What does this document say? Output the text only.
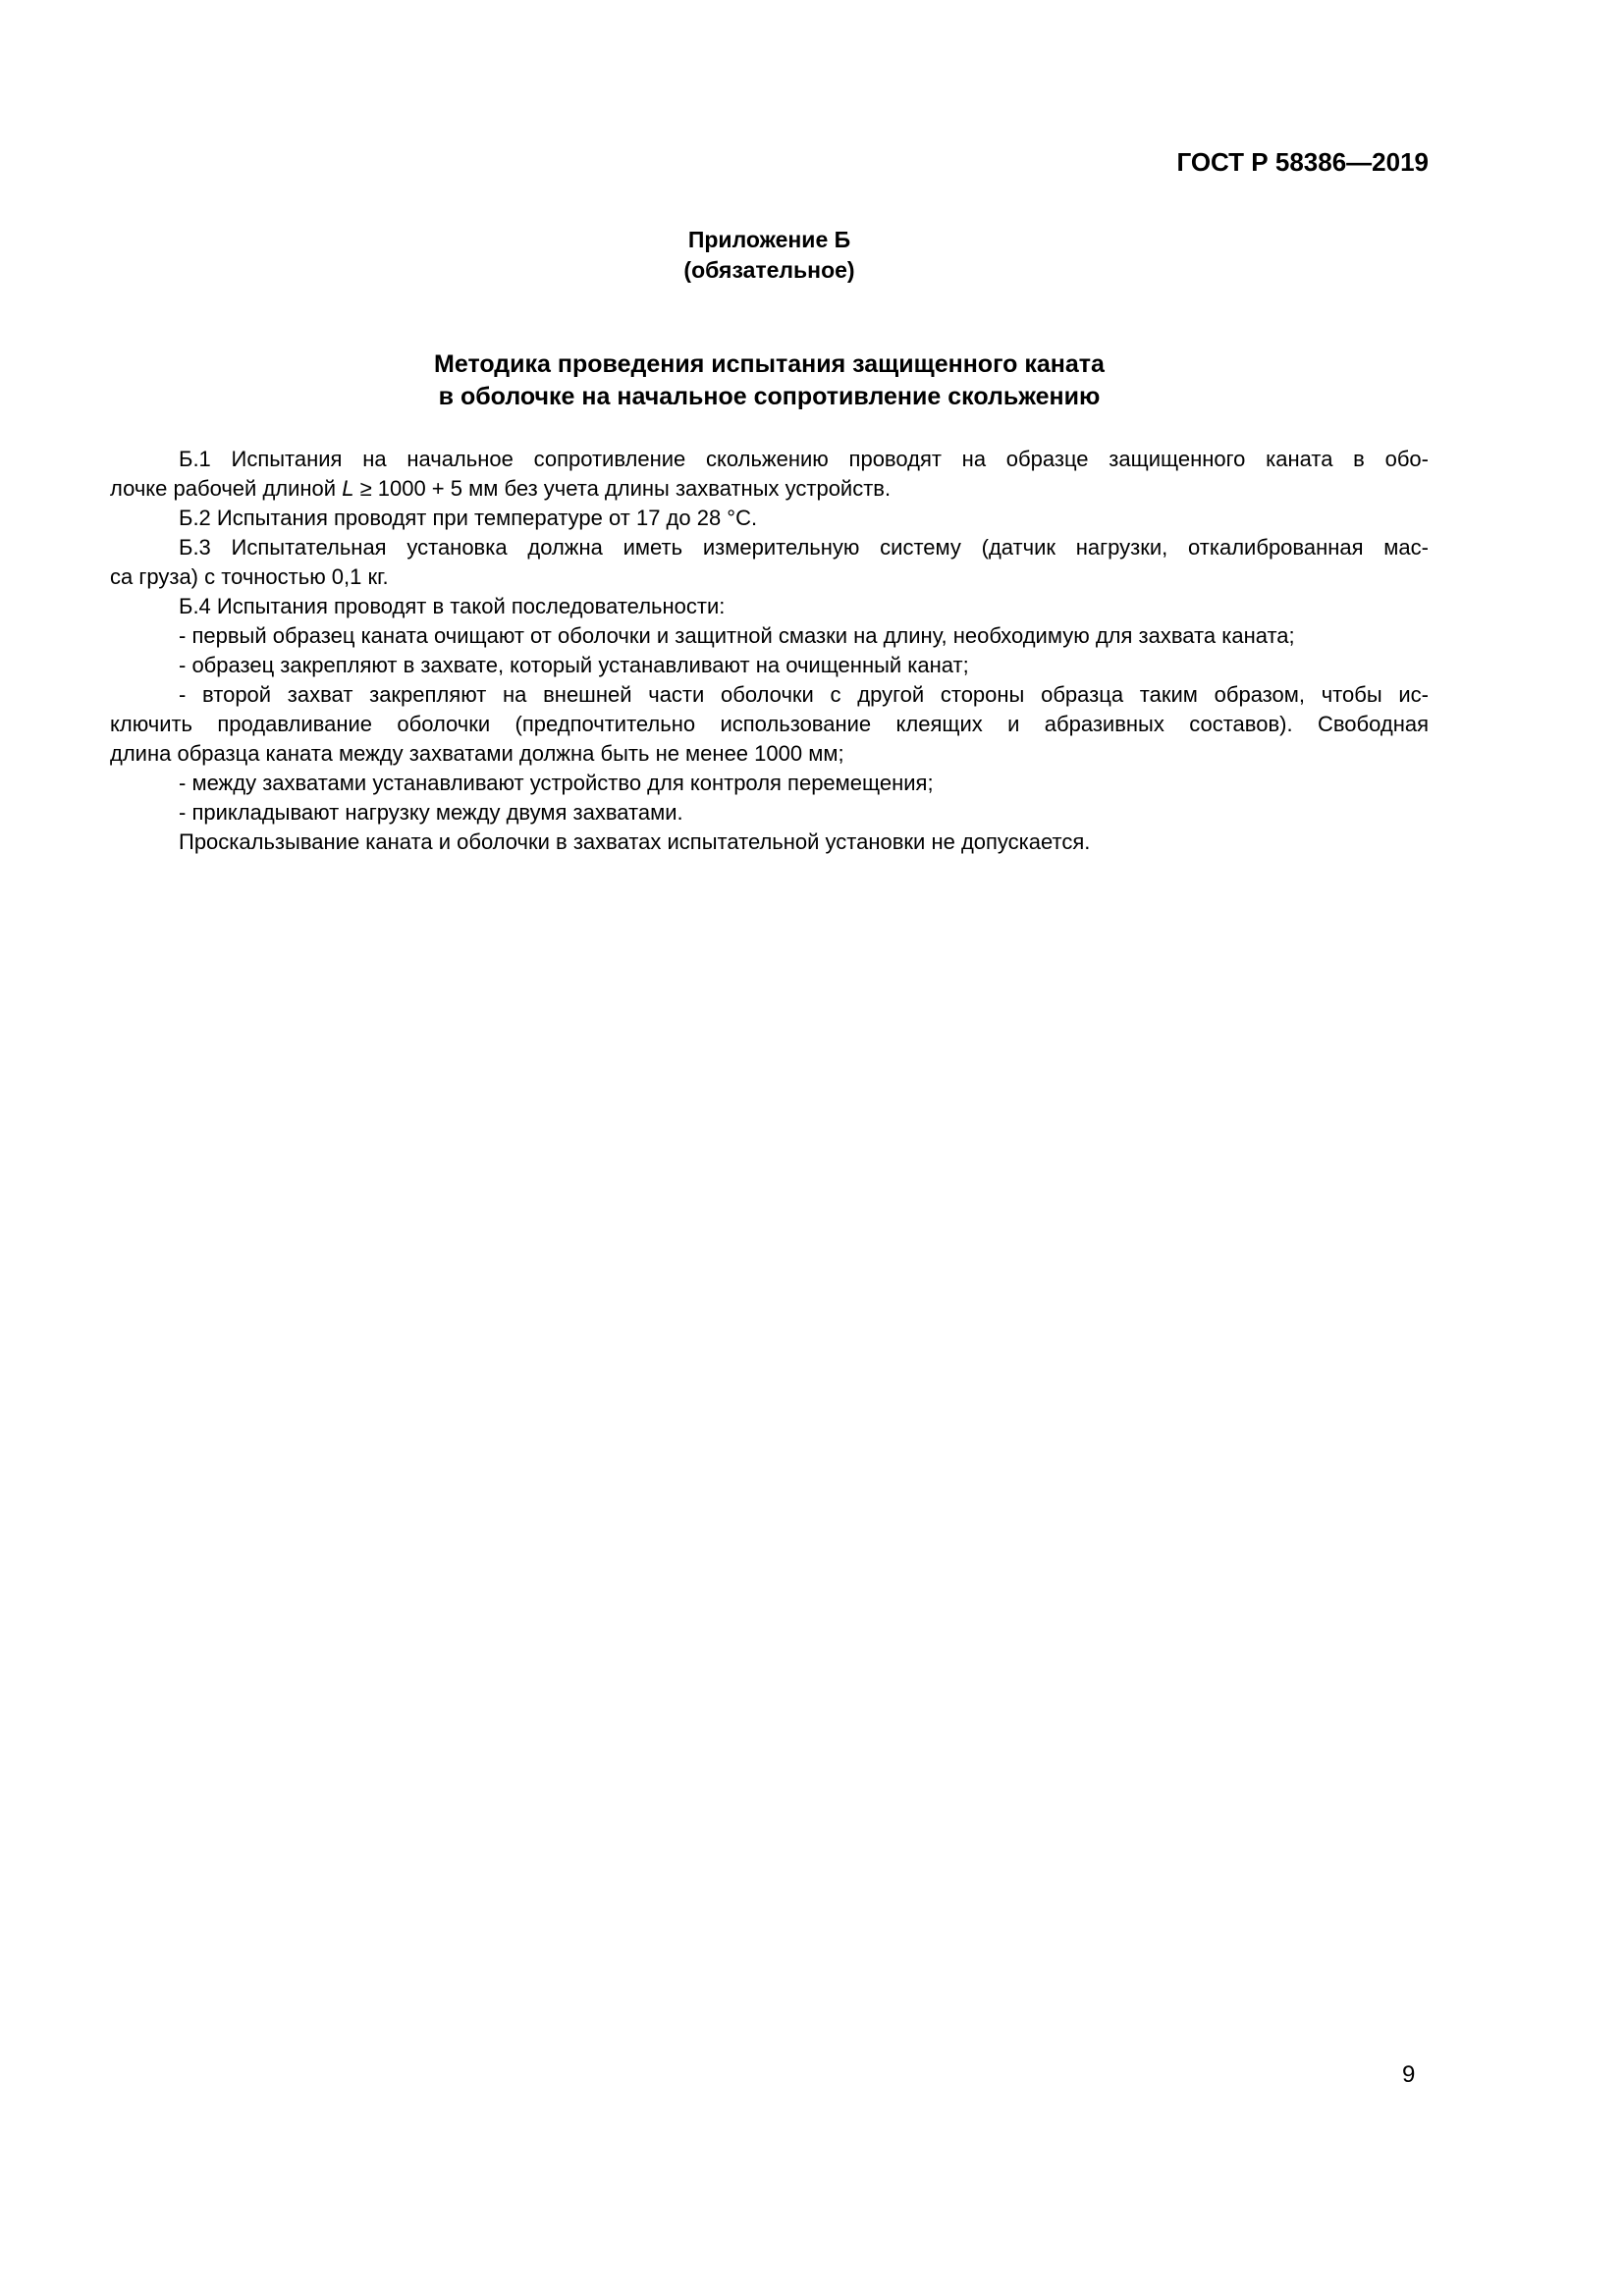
ГОСТ Р 58386—2019
Приложение Б
(обязательное)
Методика проведения испытания защищенного каната
в оболочке на начальное сопротивление скольжению
Б.1 Испытания на начальное сопротивление скольжению проводят на образце защищенного каната в обо-
лочке рабочей длиной L ≥ 1000 + 5 мм без учета длины захватных устройств.
Б.2 Испытания проводят при температуре от 17 до 28 °С.
Б.3 Испытательная установка должна иметь измерительную систему (датчик нагрузки, откалиброванная мас-
са груза) с точностью 0,1 кг.
Б.4 Испытания проводят в такой последовательности:
- первый образец каната очищают от оболочки и защитной смазки на длину, необходимую для захвата каната;
- образец закрепляют в захвате, который устанавливают на очищенный канат;
- второй захват закрепляют на внешней части оболочки с другой стороны образца таким образом, чтобы ис-
ключить продавливание оболочки (предпочтительно использование клеящих и абразивных составов). Свободная
длина образца каната между захватами должна быть не менее 1000 мм;
- между захватами устанавливают устройство для контроля перемещения;
- прикладывают нагрузку между двумя захватами.
Проскальзывание каната и оболочки в захватах испытательной установки не допускается.
9
